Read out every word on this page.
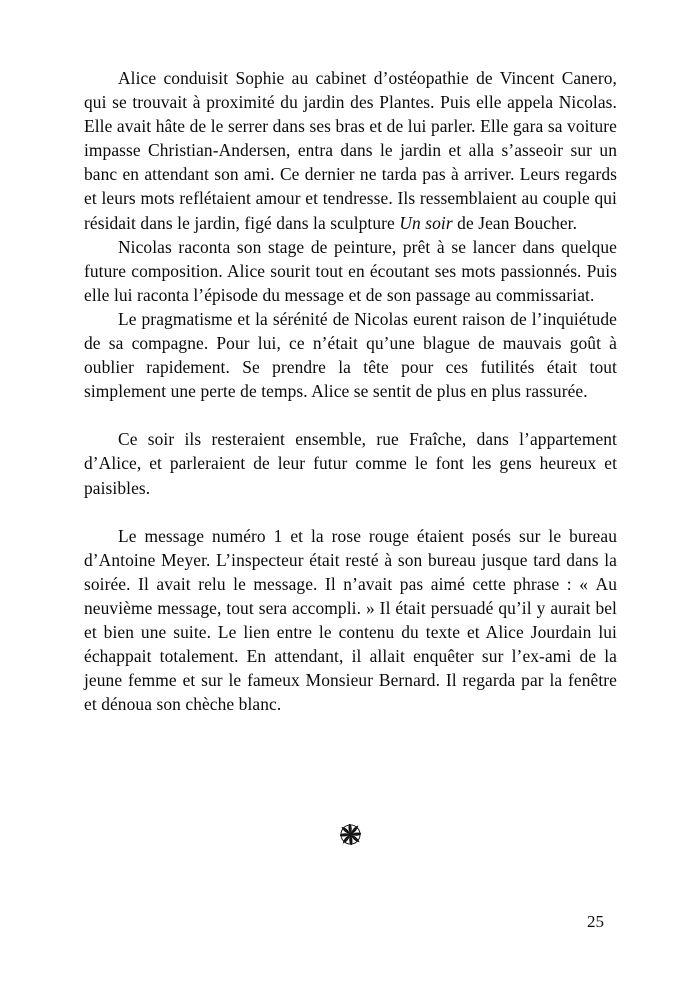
Alice conduisit Sophie au cabinet d’ostéopathie de Vincent Canero, qui se trouvait à proximité du jardin des Plantes. Puis elle appela Nicolas. Elle avait hâte de le serrer dans ses bras et de lui parler. Elle gara sa voiture impasse Christian-Andersen, entra dans le jardin et alla s’asseoir sur un banc en attendant son ami. Ce dernier ne tarda pas à arriver. Leurs regards et leurs mots reflétaient amour et tendresse. Ils ressemblaient au couple qui résidait dans le jardin, figé dans la sculpture Un soir de Jean Boucher.

Nicolas raconta son stage de peinture, prêt à se lancer dans quelque future composition. Alice sourit tout en écoutant ses mots passionnés. Puis elle lui raconta l’épisode du message et de son passage au commissariat.

Le pragmatisme et la sérénité de Nicolas eurent raison de l’inquiétude de sa compagne. Pour lui, ce n’était qu’une blague de mauvais goût à oublier rapidement. Se prendre la tête pour ces futilités était tout simplement une perte de temps. Alice se sentit de plus en plus rassurée.

Ce soir ils resteraient ensemble, rue Fraîche, dans l’appartement d’Alice, et parleraient de leur futur comme le font les gens heureux et paisibles.

Le message numéro 1 et la rose rouge étaient posés sur le bureau d’Antoine Meyer. L’inspecteur était resté à son bureau jusque tard dans la soirée. Il avait relu le message. Il n’avait pas aimé cette phrase : « Au neuvième message, tout sera accompli. » Il était persuadé qu’il y aurait bel et bien une suite. Le lien entre le contenu du texte et Alice Jourdain lui échappait totalement. En attendant, il allait enquêter sur l’ex-ami de la jeune femme et sur le fameux Monsieur Bernard. Il regarda par la fenêtre et dénoua son chèche blanc.

25
